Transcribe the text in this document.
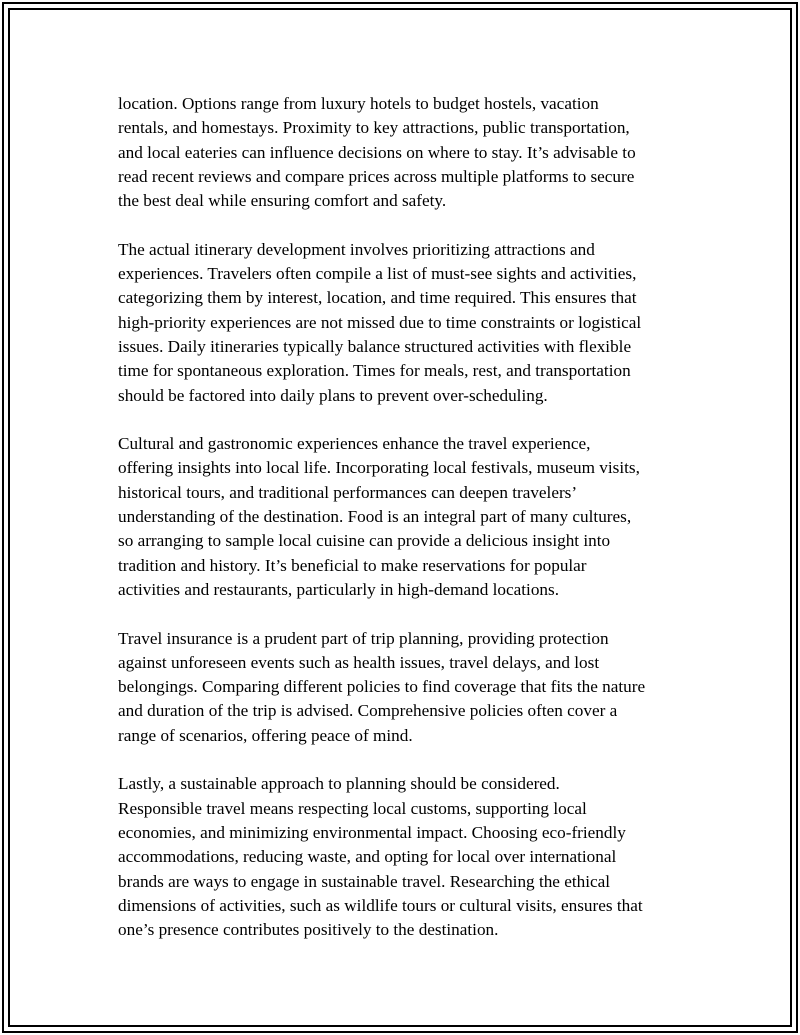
location. Options range from luxury hotels to budget hostels, vacation
rentals, and homestays. Proximity to key attractions, public transportation,
and local eateries can influence decisions on where to stay. It’s advisable to
read recent reviews and compare prices across multiple platforms to secure
the best deal while ensuring comfort and safety.

The actual itinerary development involves prioritizing attractions and
experiences. Travelers often compile a list of must-see sights and activities,
categorizing them by interest, location, and time required. This ensures that
high-priority experiences are not missed due to time constraints or logistical
issues. Daily itineraries typically balance structured activities with flexible
time for spontaneous exploration. Times for meals, rest, and transportation
should be factored into daily plans to prevent over-scheduling.

Cultural and gastronomic experiences enhance the travel experience,
offering insights into local life. Incorporating local festivals, museum visits,
historical tours, and traditional performances can deepen travelers’
understanding of the destination. Food is an integral part of many cultures,
so arranging to sample local cuisine can provide a delicious insight into
tradition and history. It’s beneficial to make reservations for popular
activities and restaurants, particularly in high-demand locations.

Travel insurance is a prudent part of trip planning, providing protection
against unforeseen events such as health issues, travel delays, and lost
belongings. Comparing different policies to find coverage that fits the nature
and duration of the trip is advised. Comprehensive policies often cover a
range of scenarios, offering peace of mind.

Lastly, a sustainable approach to planning should be considered.
Responsible travel means respecting local customs, supporting local
economies, and minimizing environmental impact. Choosing eco-friendly
accommodations, reducing waste, and opting for local over international
brands are ways to engage in sustainable travel. Researching the ethical
dimensions of activities, such as wildlife tours or cultural visits, ensures that
one’s presence contributes positively to the destination.
